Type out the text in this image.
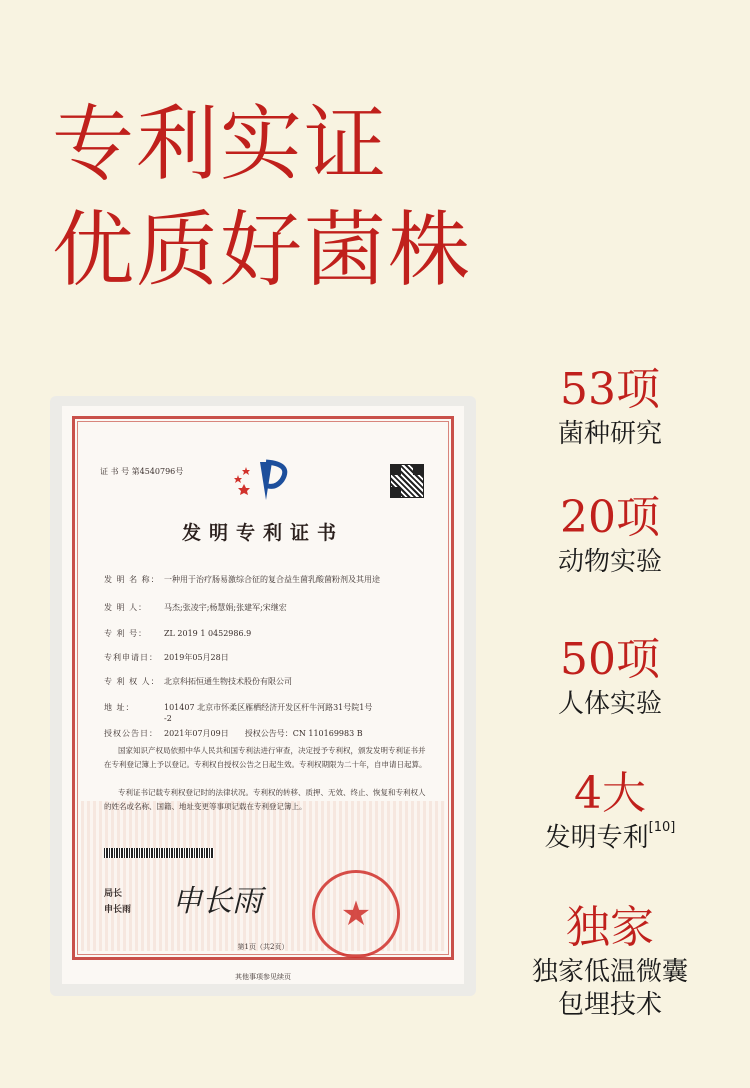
专利实证
优质好菌株
证 书 号 第4540796号
发明专利证书
发 明 名 称： 一种用于治疗肠易激综合征的复合益生菌乳酸菌粉剂及其用途
发 明 人： 马杰;张凌宇;杨慧娟;张建军;宋继宏
专 利 号： ZL 2019 1 0452986.9
专利申请日： 2019年05月28日
专 利 权 人： 北京科拓恒通生物技术股份有限公司
地 址：	101407 北京市怀柔区雁栖经济开发区杆牛河路31号院1号
-2
授权公告日： 2021年07月09日　　授权公告号：CN 110169983 B
国家知识产权局依照中华人民共和国专利法进行审查，决定授予专利权，颁发发明专利证书并在专利登记簿上予以登记。专利权自授权公告之日起生效。专利权期限为二十年，自申请日起算。
专利证书记载专利权登记时的法律状况。专利权的转移、质押、无效、终止、恢复和专利权人的姓名或名称、国籍、地址变更等事项记载在专利登记簿上。
局长
申长雨 申长雨	★
第1页（共2页）
其他事项参见续页
53项
菌种研究
20项
动物实验
50项
人体实验
4大
发明专利[10]
独家
独家低温微囊
包埋技术
